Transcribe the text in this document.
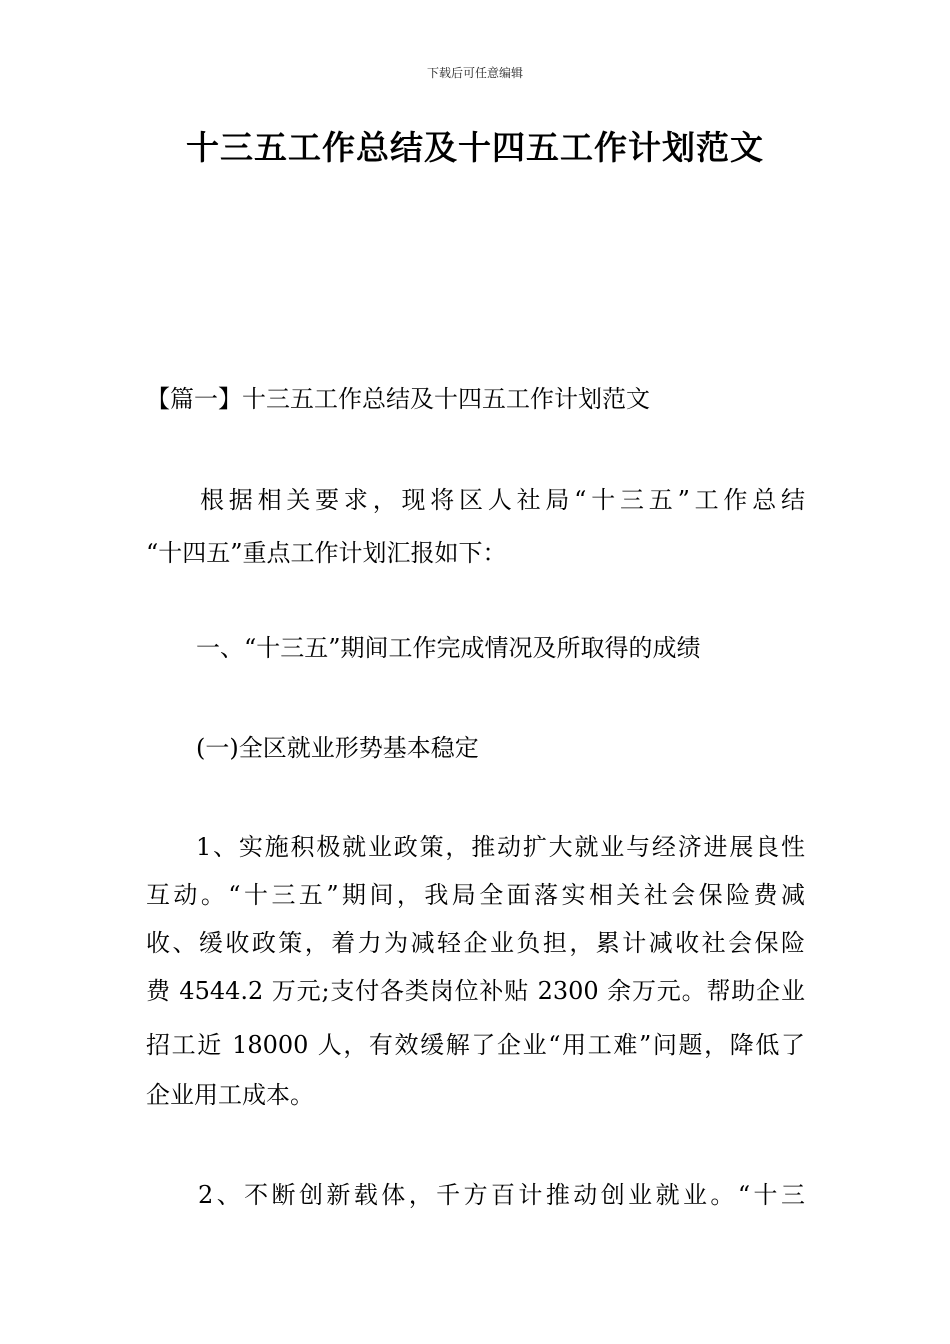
下载后可任意编辑
十三五工作总结及十四五工作计划范文
【篇一】十三五工作总结及十四五工作计划范文
根据相关要求，现将区人社局“十三五”工作总结
“十四五”重点工作计划汇报如下：
一、“十三五”期间工作完成情况及所取得的成绩
(一)全区就业形势基本稳定
1、实施积极就业政策，推动扩大就业与经济进展良性
互动。“十三五”期间，我局全面落实相关社会保险费减
收、缓收政策，着力为减轻企业负担，累计减收社会保险
费 4544.2 万元;支付各类岗位补贴 2300 余万元。帮助企业
招工近 18000 人，有效缓解了企业“用工难”问题，降低了
企业用工成本。
2、不断创新载体，千方百计推动创业就业。“十三
